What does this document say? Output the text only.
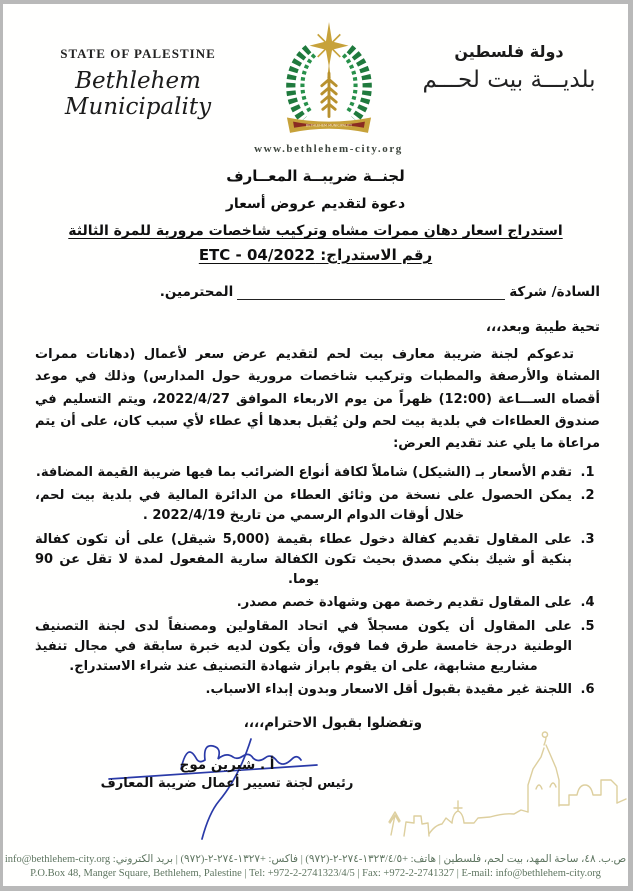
STATE OF PALESTINE
Bethlehem Municipality
BETHLEHEM MUNICIPALITY
www.bethlehem-city.org
دولة فلسطين
بلديـــة بيت لحـــم
لجنــة ضريبــة المعــارف
دعوة لتقديم عروض أسعار
استدراج اسعار دهان ممرات مشاه وتركيب شاخصات مرورية للمرة الثالثة
رقم الاستدراج: ETC - 04/2022
السادة/ شركة
المحترمين.
تحية طيبة وبعد،،،

تدعوكم لجنة ضريبة معارف بيت لحم لتقديم عرض سعر لأعمال (دهانات ممرات المشاة والأرصفة والمطبات وتركيب شاخصات مرورية حول المدارس) وذلك في موعد أقصاه الســـاعة (12:00) ظهراً من يوم الاربعاء الموافق 2022/4/27، ويتم التسليم في صندوق العطاءات في بلدية بيت لحم ولن يُقبل بعدها أي عطاء لأي سبب كان، على أن يتم مراعاة ما يلي عند تقديم العرض:

1. تقدم الأسعار بـ (الشيكل) شاملاً لكافة أنواع الضرائب بما فيها ضريبة القيمة المضافة.
2. يمكن الحصول على نسخة من وثائق العطاء من الدائرة المالية في بلدية بيت لحم، خلال أوقات الدوام الرسمي من تاريخ 2022/4/19 .
3. على المقاول تقديم كفالة دخول عطاء بقيمة (5,000 شيقل) على أن تكون كفالة بنكية أو شيك بنكي مصدق بحيث تكون الكفالة سارية المفعول لمدة لا تقل عن 90 يوما.
4. على المقاول تقديم رخصة مهن وشهادة خصم مصدر.
5. على المقاول أن يكون مسجلاً في اتحاد المقاولين ومصنفاً لدى لجنة التصنيف الوطنية درجة خامسة طرق فما فوق، وأن يكون لديه خبرة سابقة في مجال تنفيذ مشاريع مشابهة، على ان يقوم بابراز شهادة التصنيف عند شراء الاستدراج.
6. اللجنة غير مقيدة بقبول أقل الاسعار وبدون إبداء الاسباب.
وتفضلوا بقبول الاحترام،،،،
أ . شيرين موج
رئيس لجنة تسيير أعمال ضريبة المعارف
ص.ب. ٤٨، ساحة المهد، بيت لحم، فلسطين | هاتف: ١٣٢٣/٤/٥-٢٧٤-٢-(٩٧٢)+ | فاكس: ١٣٢٧-٢٧٤-٢-(٩٧٢)+ | بريد الكتروني: info@bethlehem-city.org
P.O.Box 48, Manger Square, Bethlehem, Palestine | Tel: +972-2-2741323/4/5 | Fax: +972-2-2741327 | E-mail: info@bethlehem-city.org
